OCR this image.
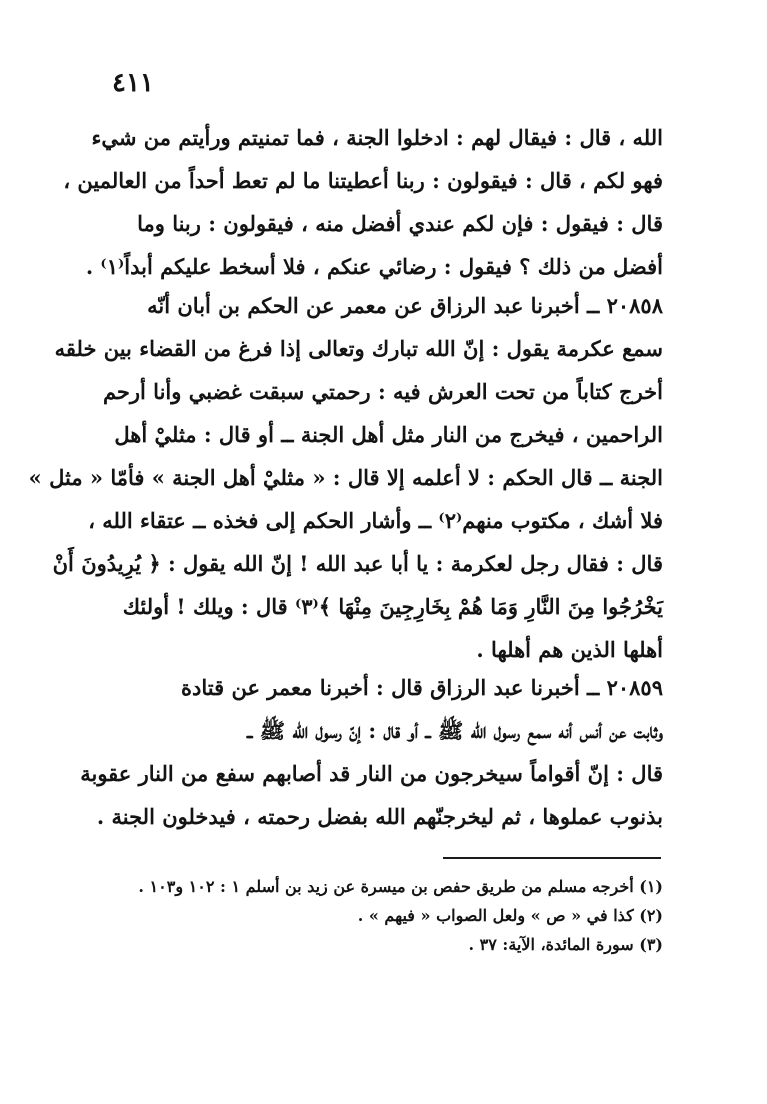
٤١١
الله ، قال : فيقال لهم : ادخلوا الجنة ، فما تمنيتم ورأيتم من شيء
فهو لكم ، قال : فيقولون : ربنا أعطيتنا ما لم تعط أحداً من العالمين ،
قال : فيقول : فإن لكم عندي أفضل منه ، فيقولون : ربنا وما
أفضل من ذلك ؟ فيقول : رضائي عنكم ، فلا أسخط عليكم أبداً⁽١⁾ .
٢٠٨٥٨ ــ أخبرنا عبد الرزاق عن معمر عن الحكم بن أبان أنّه
سمع عكرمة يقول : إنّ الله تبارك وتعالى إذا فرغ من القضاء بين خلقه
أخرج كتاباً من تحت العرش فيه : رحمتي سبقت غضبي وأنا أرحم
الراحمين ، فيخرج من النار مثل أهل الجنة ــ أو قال : مثليْ أهل
الجنة ــ قال الحكم : لا أعلمه إلا قال : « مثليْ أهل الجنة » فأمّا « مثل »
فلا أشك ، مكتوب منهم⁽٢⁾ ــ وأشار الحكم إلى فخذه ــ عتقاء الله ،
قال : فقال رجل لعكرمة : يا أبا عبد الله ! إنّ الله يقول : ﴿ يُرِيدُونَ أَنْ
يَخْرُجُوا مِنَ النَّارِ وَمَا هُمْ بِخَارِجِينَ مِنْهَا ﴾⁽٣⁾ قال : ويلك ! أولئك
أهلها الذين هم أهلها .
٢٠٨٥٩ ــ أخبرنا عبد الرزاق قال : أخبرنا معمر عن قتادة
وثابت عن أنس أنه سمع رسول الله ﷺ ــ أو قال : إنّ رسول الله ﷺ ــ
قال : إنّ أقواماً سيخرجون من النار قد أصابهم سفع من النار عقوبة
بذنوب عملوها ، ثم ليخرجنّهم الله بفضل رحمته ، فيدخلون الجنة .
(١) أخرجه مسلم من طريق حفص بن ميسرة عن زيد بن أسلم ١ : ١٠٢ و١٠٣ .
(٢) كذا في « ص » ولعل الصواب « فيهم » .
(٣) سورة المائدة، الآية: ٣٧ .
